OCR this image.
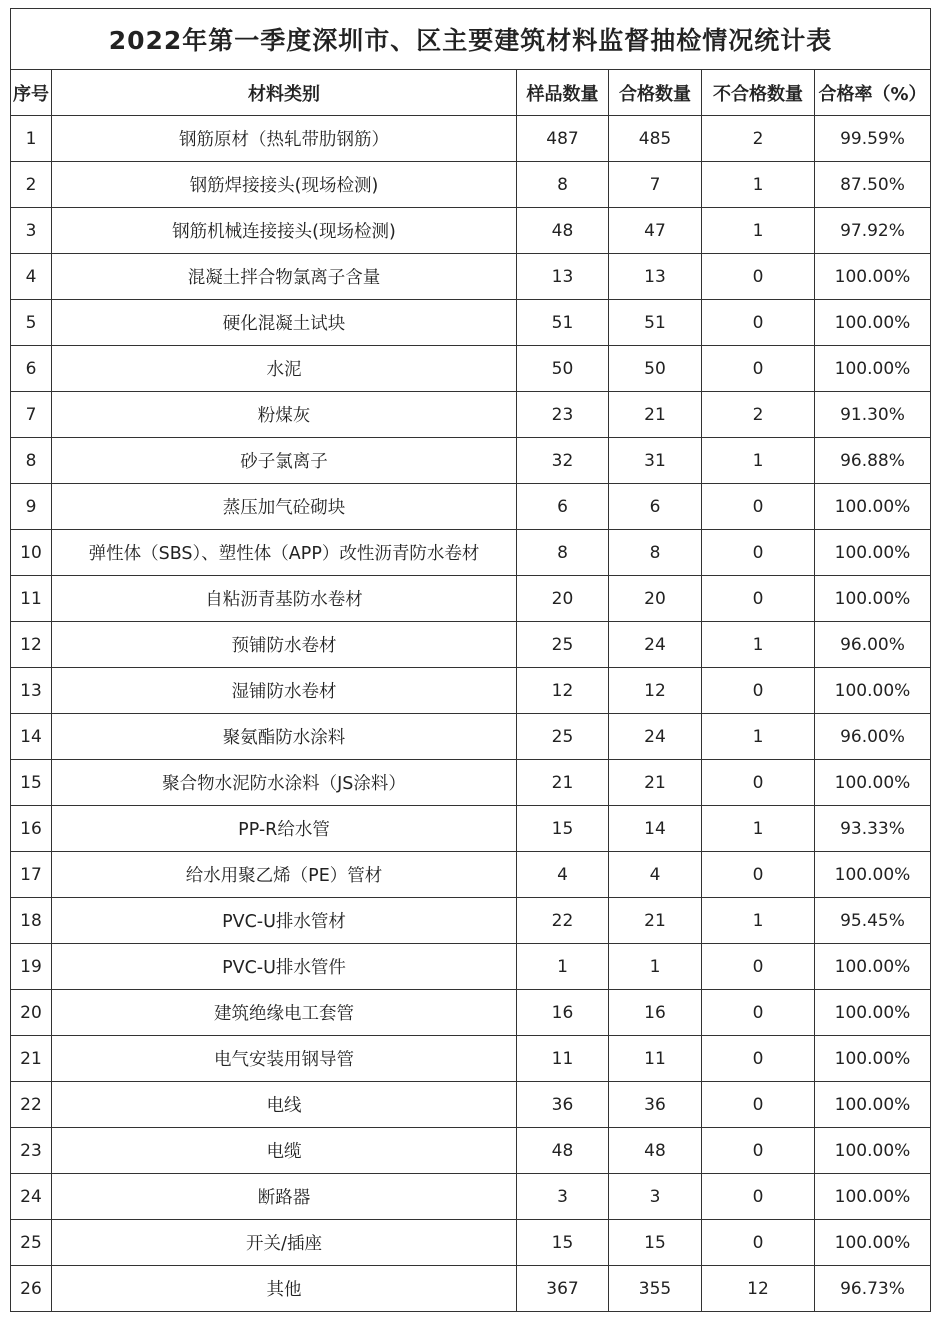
2022年第一季度深圳市、区主要建筑材料监督抽检情况统计表					
序号	材料类别	样品数量	合格数量	不合格数量	合格率（%）
1	钢筋原材（热轧带肋钢筋）	487	485	2	99.59%
2	钢筋焊接接头(现场检测)	8	7	1	87.50%
3	钢筋机械连接接头(现场检测)	48	47	1	97.92%
4	混凝土拌合物氯离子含量	13	13	0	100.00%
5	硬化混凝土试块	51	51	0	100.00%
6	水泥	50	50	0	100.00%
7	粉煤灰	23	21	2	91.30%
8	砂子氯离子	32	31	1	96.88%
9	蒸压加气砼砌块	6	6	0	100.00%
10	弹性体（SBS）、塑性体（APP）改性沥青防水卷材	8	8	0	100.00%
11	自粘沥青基防水卷材	20	20	0	100.00%
12	预铺防水卷材	25	24	1	96.00%
13	湿铺防水卷材	12	12	0	100.00%
14	聚氨酯防水涂料	25	24	1	96.00%
15	聚合物水泥防水涂料（JS涂料）	21	21	0	100.00%
16	PP-R给水管	15	14	1	93.33%
17	给水用聚乙烯（PE）管材	4	4	0	100.00%
18	PVC-U排水管材	22	21	1	95.45%
19	PVC-U排水管件	1	1	0	100.00%
20	建筑绝缘电工套管	16	16	0	100.00%
21	电气安装用钢导管	11	11	0	100.00%
22	电线	36	36	0	100.00%
23	电缆	48	48	0	100.00%
24	断路器	3	3	0	100.00%
25	开关/插座	15	15	0	100.00%
26	其他	367	355	12	96.73%
